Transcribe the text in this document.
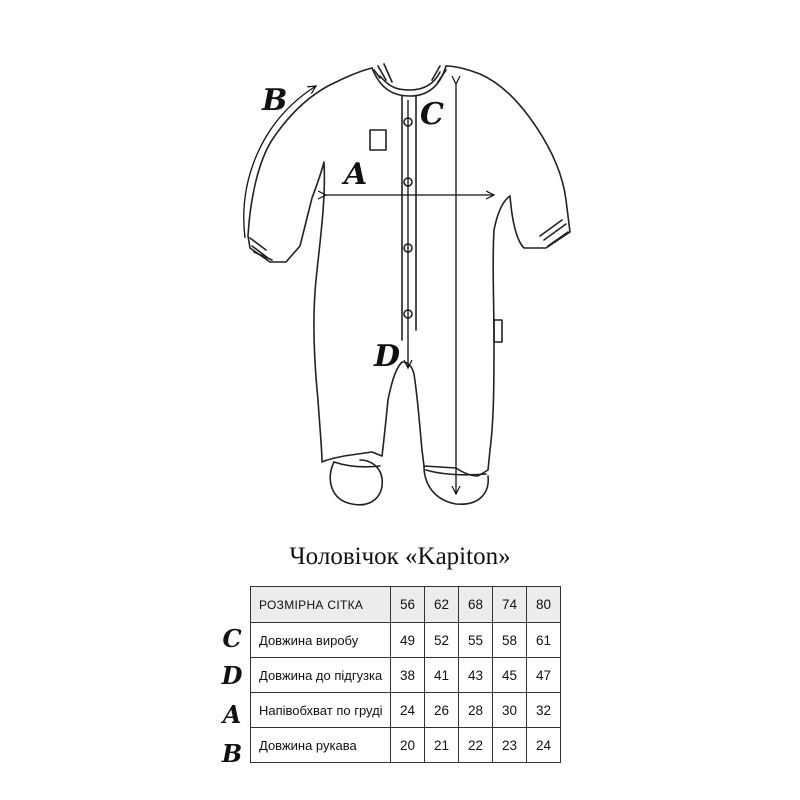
B	C
A
D
Чоловічок «Kapiton»
C
D
A
B
РОЗМІРНА СІТКА	56	62	68	74	80
Довжина виробу	49	52	55	58	61
Довжина до підгузка	38	41	43	45	47
Напівобхват по груді	24	26	28	30	32
Довжина рукава	20	21	22	23	24
